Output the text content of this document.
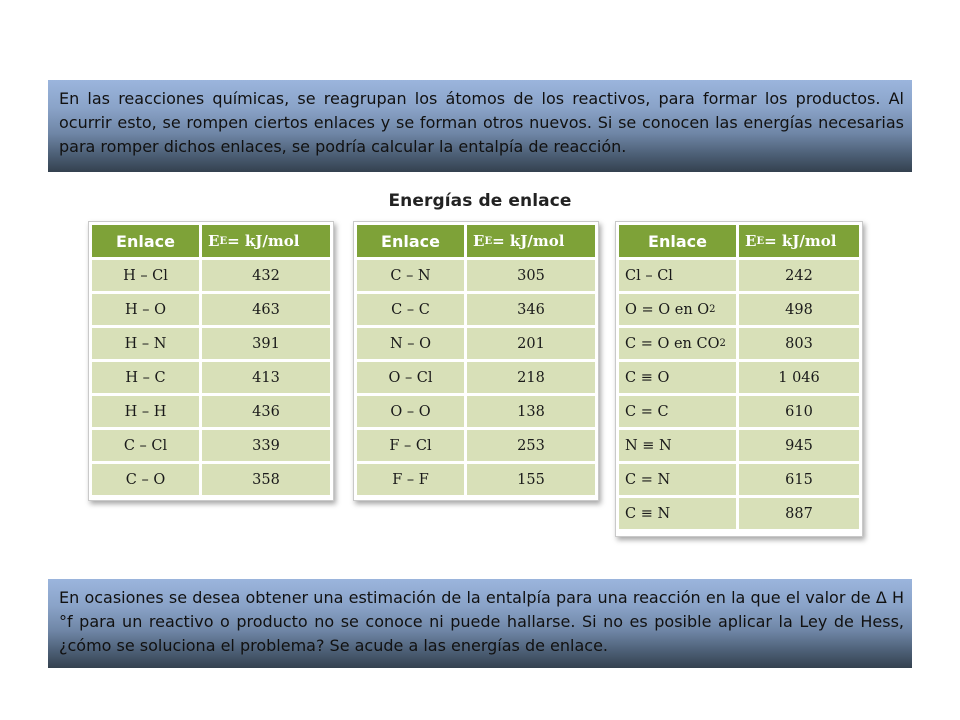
En las reacciones químicas, se reagrupan los átomos de los reactivos, para formar los productos. Al ocurrir esto, se rompen ciertos enlaces y se forman otros nuevos. Si se conocen las energías necesarias para romper dichos enlaces, se podría calcular la entalpía de reacción.
Energías de enlace
Enlace	E E = kJ/mol
H – Cl	432
H – O	463
H – N	391
H – C	413
H – H	436
C – Cl	339
C – O	358
Enlace	E E = kJ/mol
C – N	305
C – C	346
N – O	201
O – Cl	218
O – O	138
F – Cl	253
F – F	155
Enlace	E E = kJ/mol
Cl – Cl	242
O = O en O 2	498
C = O en CO 2	803
C ≡ O	1 046
C = C	610
N ≡ N	945
C = N	615
C ≡ N	887
En ocasiones se desea obtener una estimación de la entalpía para una reacción en la que el valor de Δ H °f para un reactivo o producto no se conoce ni puede hallarse. Si no es posible aplicar la Ley de Hess, ¿cómo se soluciona el problema? Se acude a las energías de enlace.
